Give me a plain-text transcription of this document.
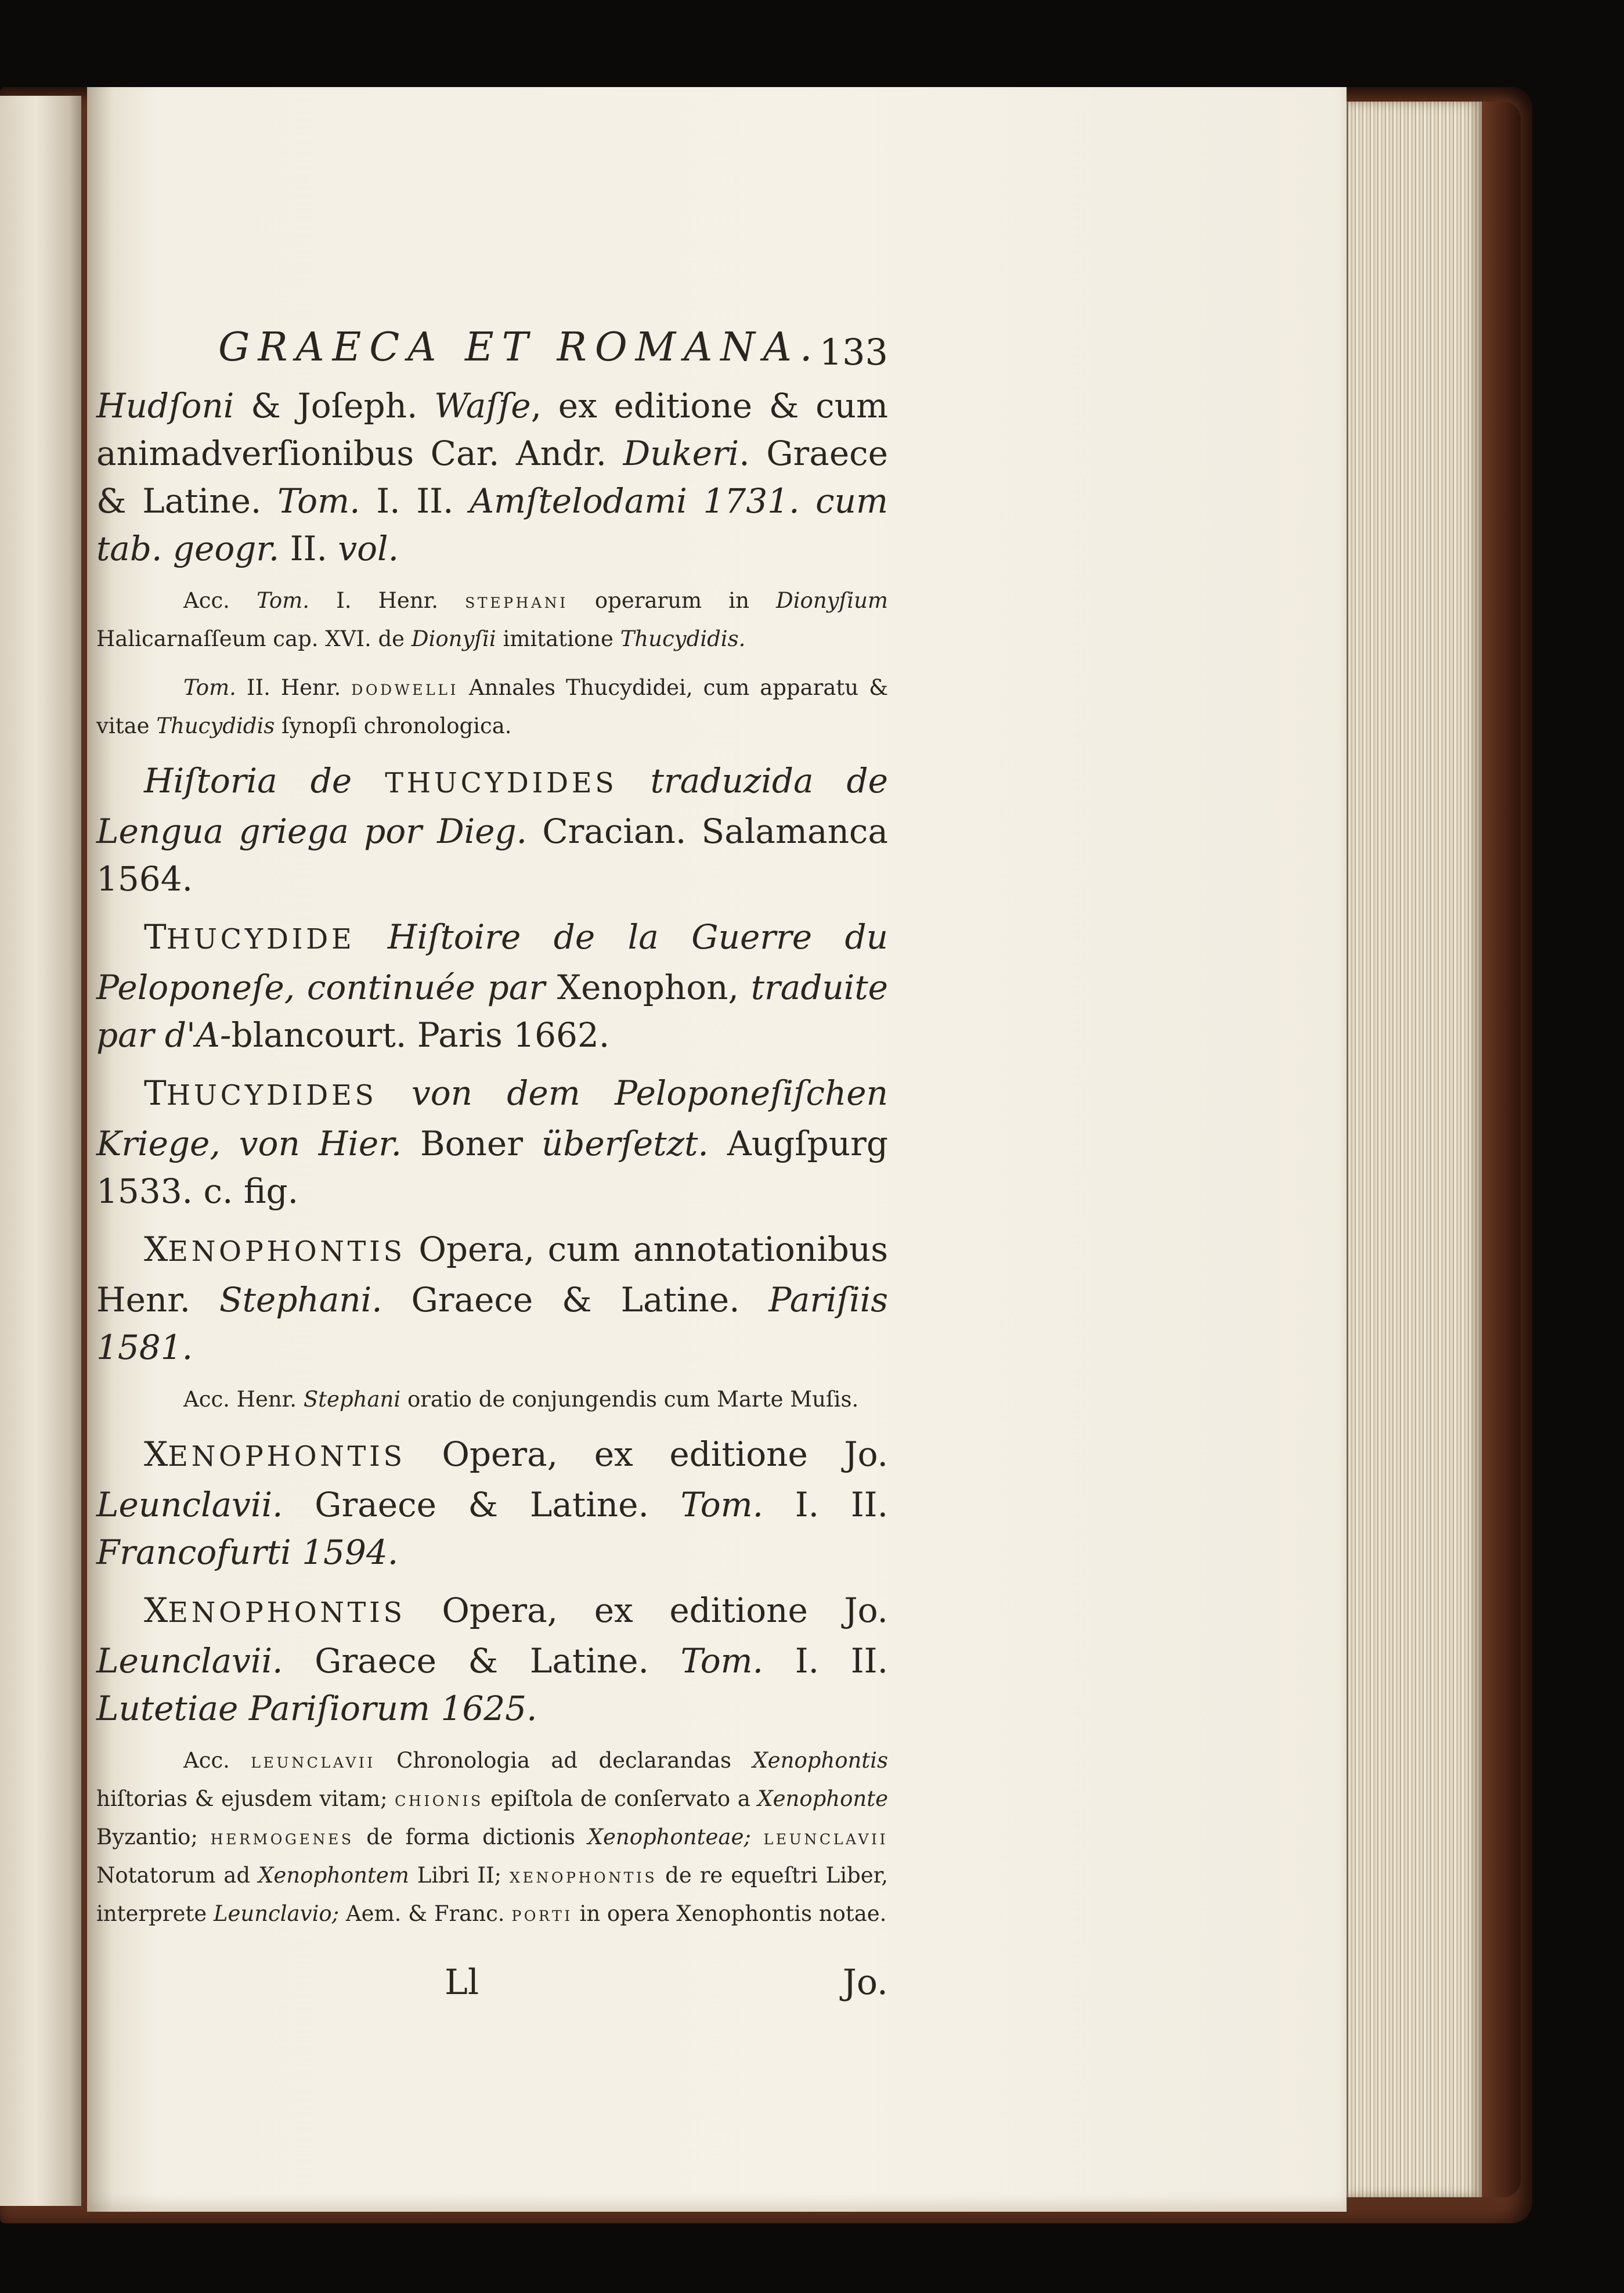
GRAECA ET ROMANA.
133

Hudſoni & Joſeph. Waſſe, ex editione & cum animadverſionibus Car. Andr. Dukeri. Graece & Latine. Tom. I. II. Amſtelodami 1731. cum tab. geogr. II. vol.

Acc. Tom. I. Henr. STEPHANI operarum in Dionyſium Halicarnaſſeum cap. XVI. de Dionyſii imitatione Thucydidis.

Tom. II. Henr. DODWELLI Annales Thucydidei, cum apparatu & vitae Thucydidis ſynopſi chronologica.

Hiſtoria de THUCYDIDES traduzida de Lengua griega por Dieg. Cracian. Salamanca 1564.

THUCYDIDE Hiſtoire de la Guerre du Peloponeſe, continuée par Xenophon, traduite par d'A-blancourt. Paris 1662.

THUCYDIDES von dem Peloponeſiſchen Kriege, von Hier. Boner überſetzt. Augſpurg 1533. c. fig.

XENOPHONTIS Opera, cum annotationibus Henr. Stephani. Graece & Latine. Pariſiis 1581.

Acc. Henr. Stephani oratio de conjungendis cum Marte Muſis.

XENOPHONTIS Opera, ex editione Jo. Leunclavii. Graece & Latine. Tom. I. II. Francofurti 1594.

XENOPHONTIS Opera, ex editione Jo. Leunclavii. Graece & Latine. Tom. I. II. Lutetiae Pariſiorum 1625.

Acc. LEUNCLAVII Chronologia ad declarandas Xenophontis hiſtorias & ejusdem vitam; CHIONIS epiſtola de conſervato a Xenophonte Byzantio; HERMOGENES de forma dictionis Xenophonteae; LEUNCLAVII Notatorum ad Xenophontem Libri II; XENOPHONTIS de re equeſtri Liber, interprete Leunclavio; Aem. & Franc. PORTI in opera Xenophontis notae.

Ll	Jo.
